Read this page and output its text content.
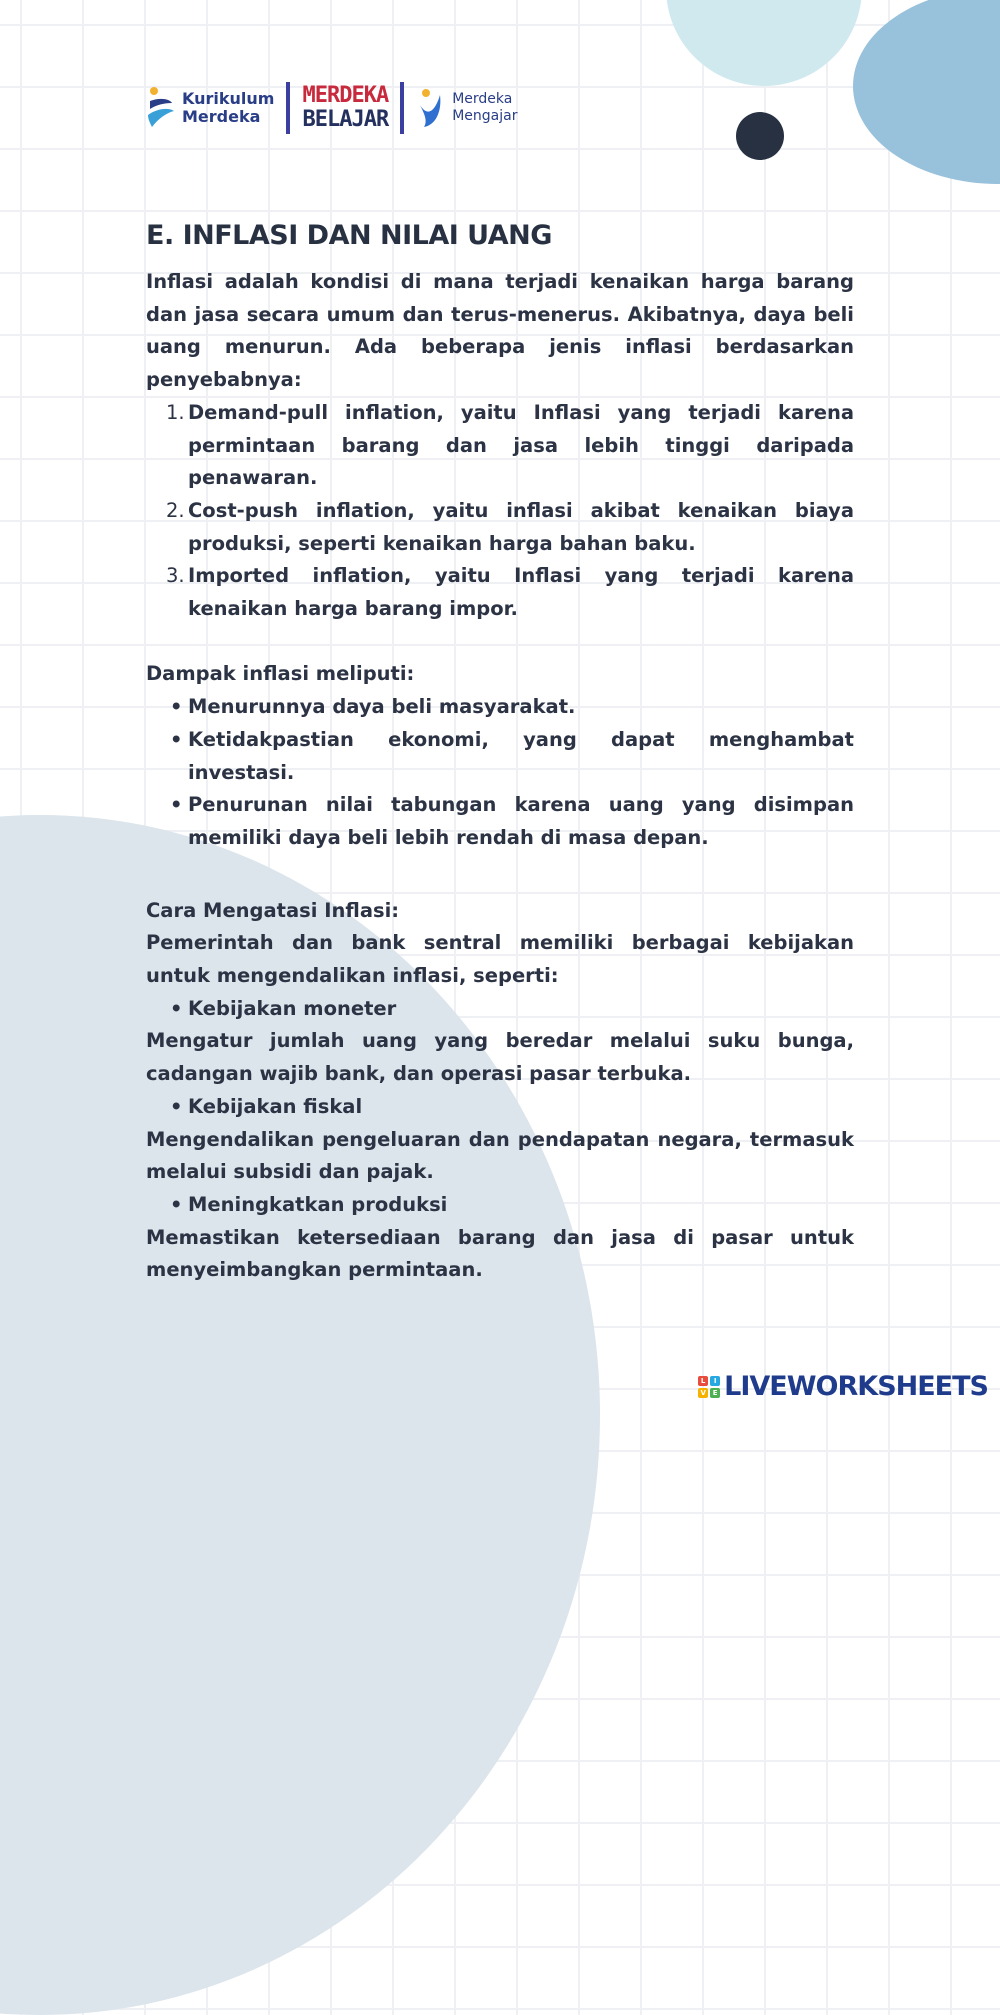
Kurikulum
Merdeka
MERDEKA
BELAJAR
Merdeka
Mengajar
E. INFLASI DAN NILAI UANG

Inflasi adalah kondisi di mana terjadi kenaikan harga barang dan jasa secara umum dan terus-menerus. Akibatnya, daya beli uang menurun. Ada beberapa jenis inflasi berdasarkan penyebabnya:

1. Demand-pull inflation, yaitu Inflasi yang terjadi karena permintaan barang dan jasa lebih tinggi daripada penawaran.
2. Cost-push inflation, yaitu inflasi akibat kenaikan biaya produksi, seperti kenaikan harga bahan baku.
3. Imported inflation, yaitu Inflasi yang terjadi karena kenaikan harga barang impor.

Dampak inflasi meliputi:

• Menurunnya daya beli masyarakat.
• Ketidakpastian ekonomi, yang dapat menghambat investasi.
• Penurunan nilai tabungan karena uang yang disimpan memiliki daya beli lebih rendah di masa depan.

Cara Mengatasi Inflasi:

Pemerintah dan bank sentral memiliki berbagai kebijakan untuk mengendalikan inflasi, seperti:

• Kebijakan moneter

Mengatur jumlah uang yang beredar melalui suku bunga, cadangan wajib bank, dan operasi pasar terbuka.

• Kebijakan fiskal

Mengendalikan pengeluaran dan pendapatan negara, termasuk melalui subsidi dan pajak.

• Meningkatkan produksi

Memastikan ketersediaan barang dan jasa di pasar untuk menyeimbangkan permintaan.

L	I
V E LIVEWORKSHEETS
